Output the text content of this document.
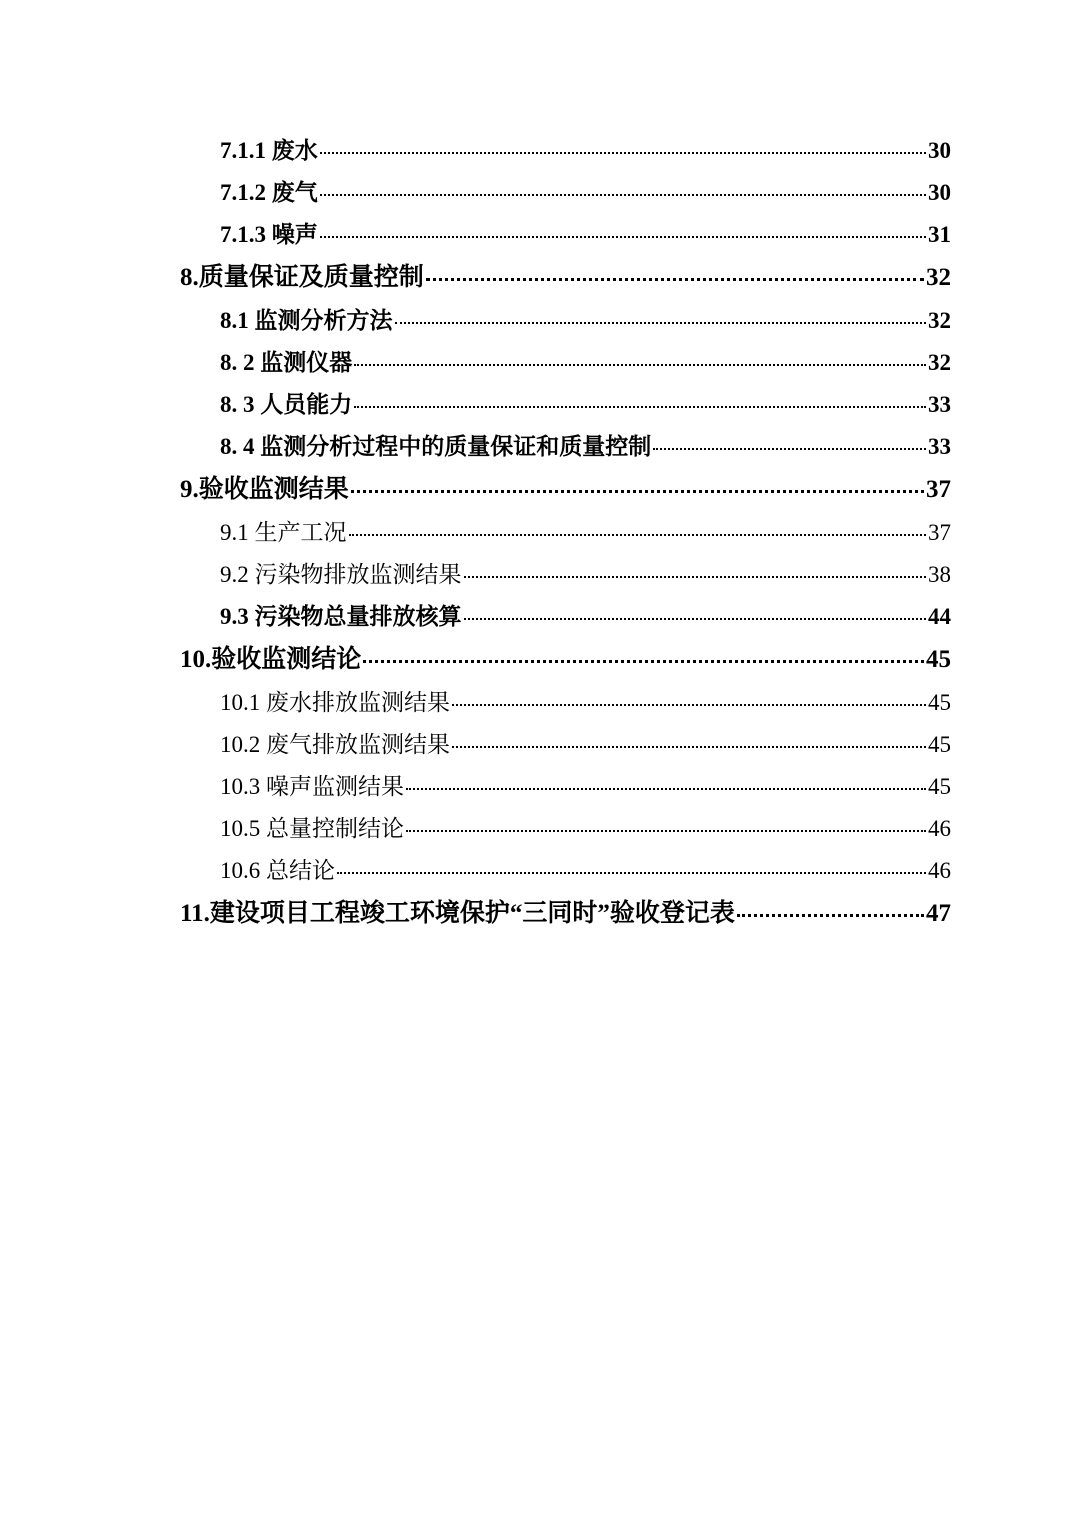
7.1.1 废水	30
7.1.2 废气	30
7.1.3 噪声	31
8.质量保证及质量控制	32
8.1 监测分析方法	32
8. 2 监测仪器	32
8. 3 人员能力	33
8. 4 监测分析过程中的质量保证和质量控制	33
9.验收监测结果	37
9.1 生产工况	37
9.2 污染物排放监测结果	38
9.3 污染物总量排放核算	44
10.验收监测结论	45
10.1 废水排放监测结果	45
10.2 废气排放监测结果	45
10.3 噪声监测结果	45
10.5 总量控制结论	46
10.6 总结论	46
11.建设项目工程竣工环境保护“三同时”验收登记表	47
